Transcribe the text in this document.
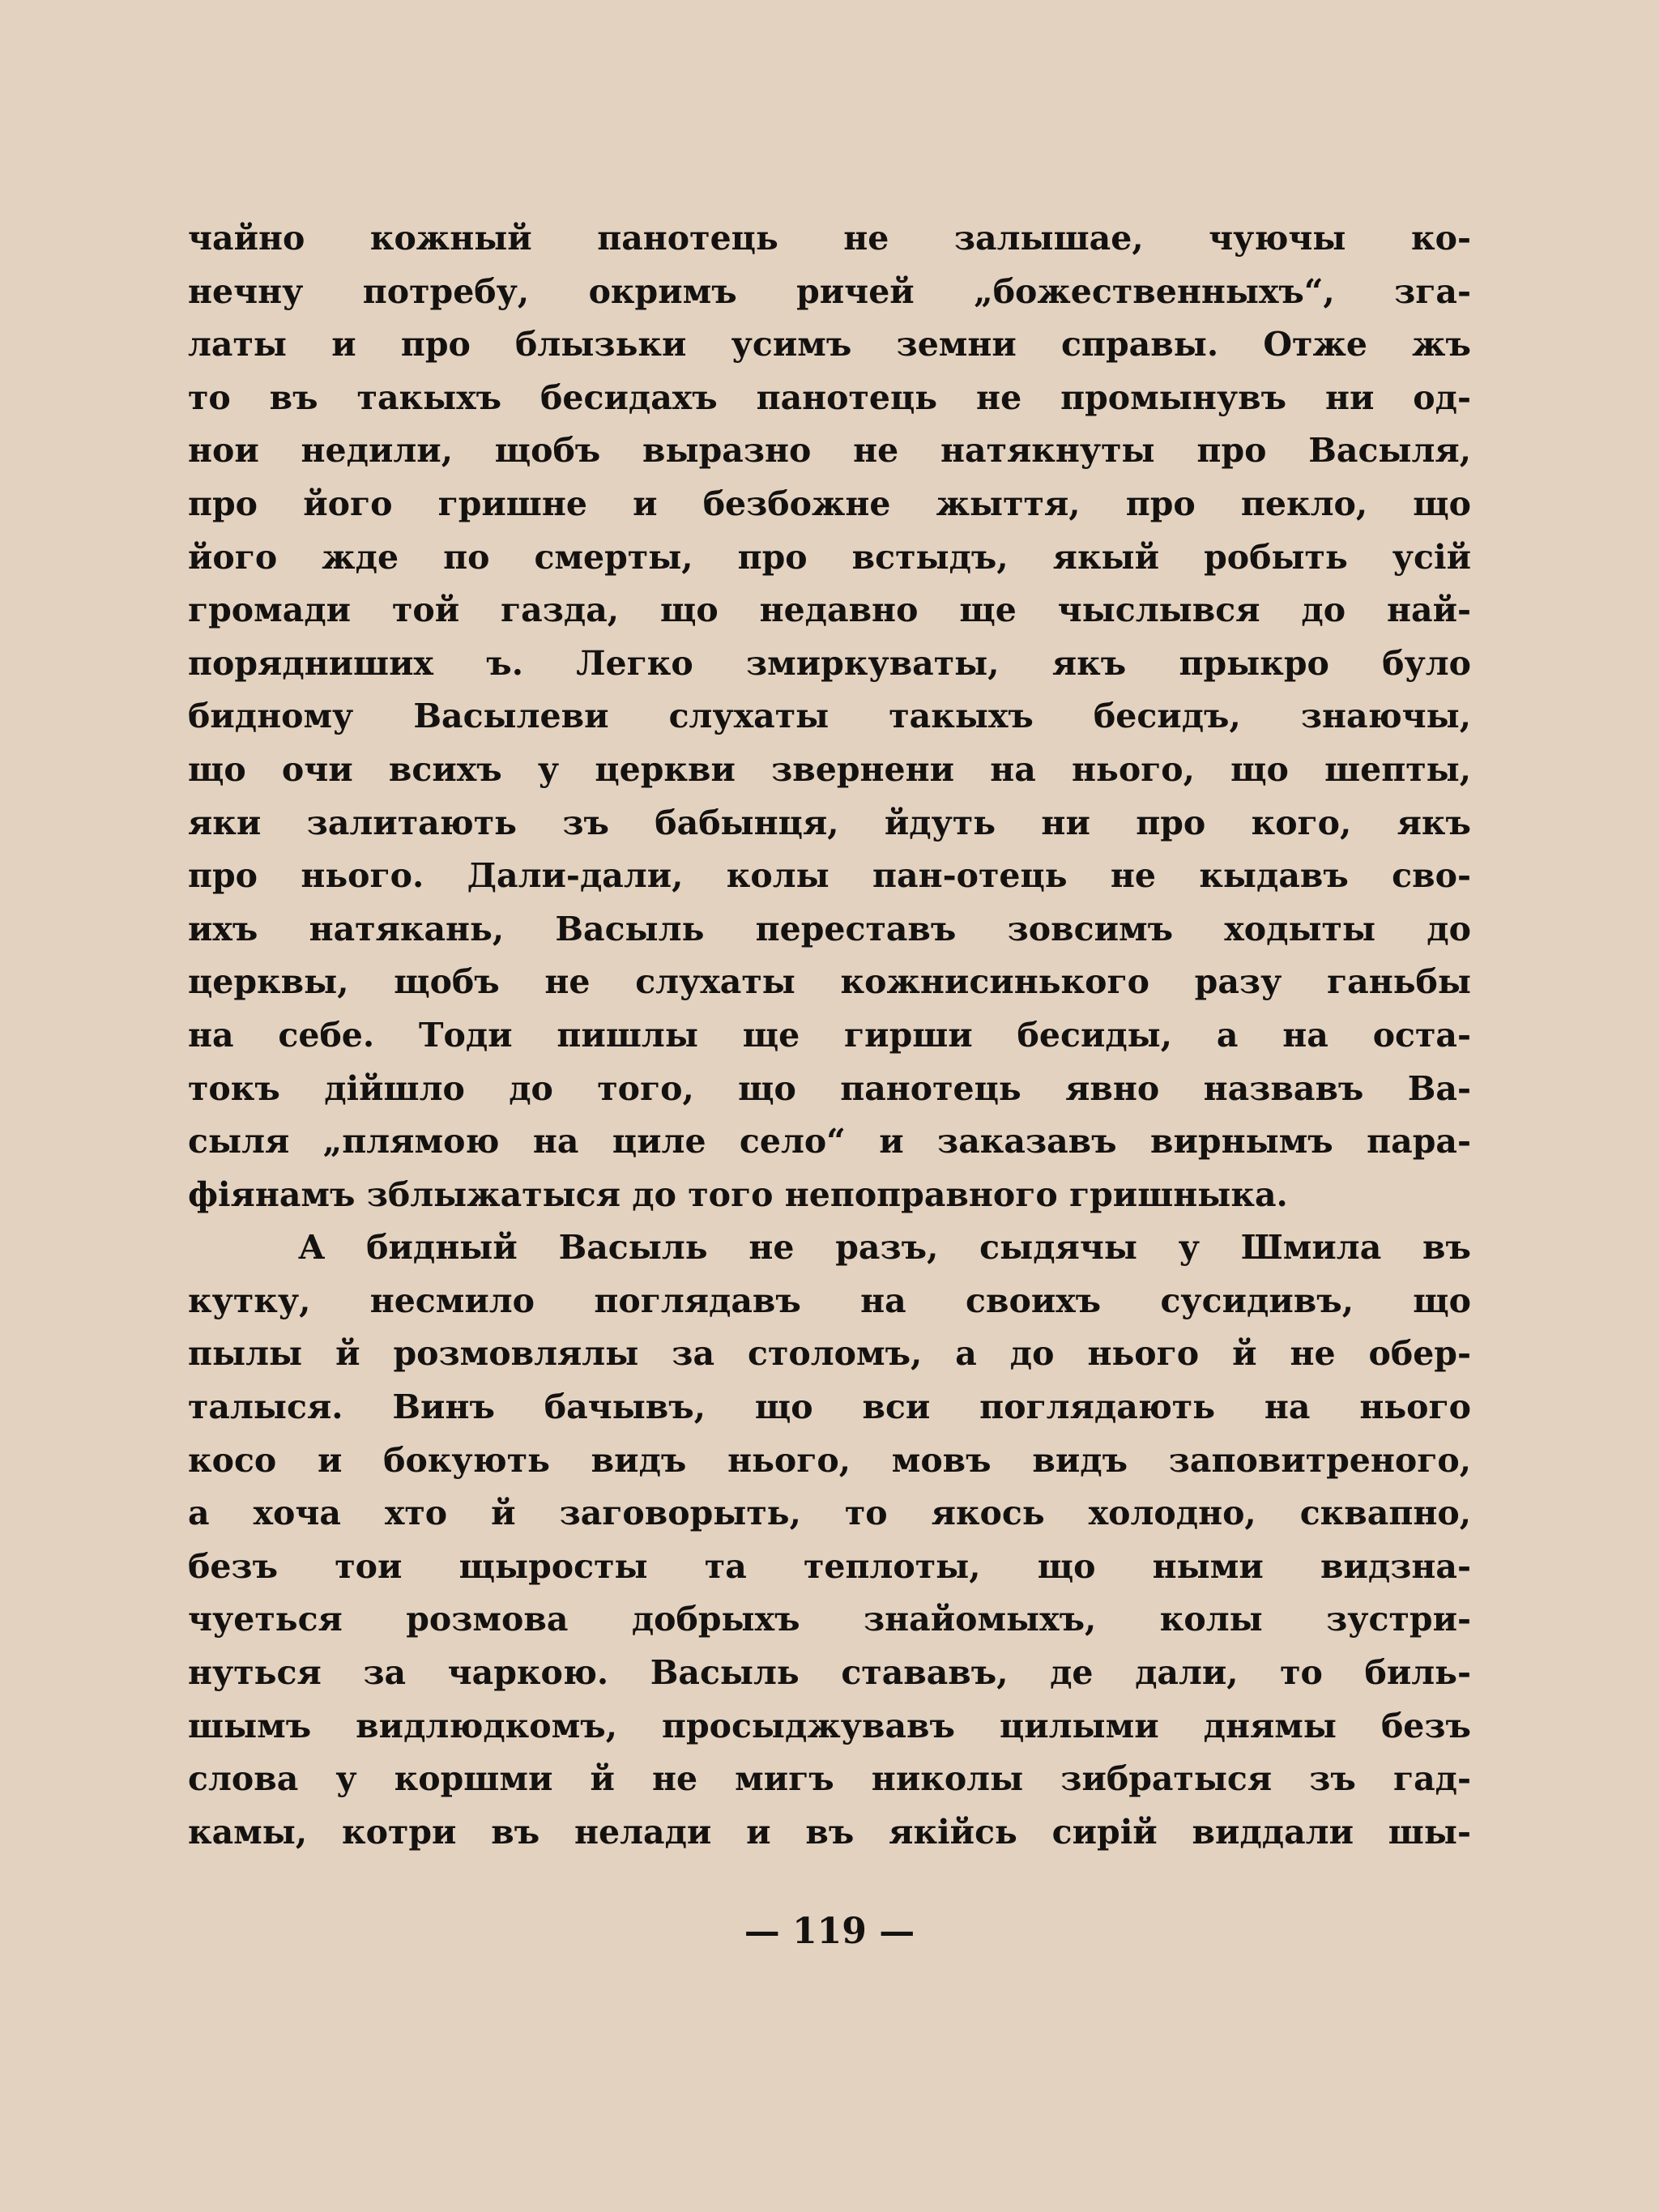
чайно кожный панотець не залышае, чуючы ко-
нечну потребу, окримъ ричей „божественныхъ“, зга-
латы и про блызьки усимъ земни справы. Отже жъ
то въ такыхъ бесидахъ панотець не промынувъ ни од-
нои недили, щобъ выразно не натякнуты про Васыля,
про його гришне и безбожне жыття, про пекло, що
його жде по смерты, про встыдъ, якый робыть усій
громади той газда, що недавно ще чыслывся до най-
порядниших ъ. Легко змиркуваты, якъ прыкро було
бидному Васылеви слухаты такыхъ бесидъ, знаючы,
що очи всихъ у церкви звернени на нього, що шепты,
яки залитають зъ бабынця, йдуть ни про кого, якъ
про нього. Дали-дали, колы пан-отець не кыдавъ сво-
ихъ натякань, Васыль переставъ зовсимъ ходыты до
церквы, щобъ не слухаты кожнисинького разу ганьбы
на себе. Тоди пишлы ще гирши бесиды, а на оста-
токъ дійшло до того, що панотець явно назвавъ Ва-
сыля „плямою на циле село“ и заказавъ вирнымъ пара-
фіянамъ зблыжатыся до того непоправного гришныка.
А бидный Васыль не разъ, сыдячы у Шмила въ
кутку, несмило поглядавъ на своихъ сусидивъ, що
пылы й розмовлялы за столомъ, а до нього й не обер-
талыся. Винъ бачывъ, що вси поглядають на нього
косо и бокують видъ нього, мовъ видъ заповитреного,
а хоча хто й заговорыть, то якось холодно, сквапно,
безъ тои щыросты та теплоты, що ными видзна-
чуеться розмова добрыхъ знайомыхъ, колы зустри-
нуться за чаркою. Васыль стававъ, де дали, то биль-
шымъ видлюдкомъ, просыджувавъ цилыми днямы безъ
слова у коршми й не мигъ николы зибратыся зъ гад-
камы, котри въ нелади и въ якійсь сирій виддали шы-
— 119 —
